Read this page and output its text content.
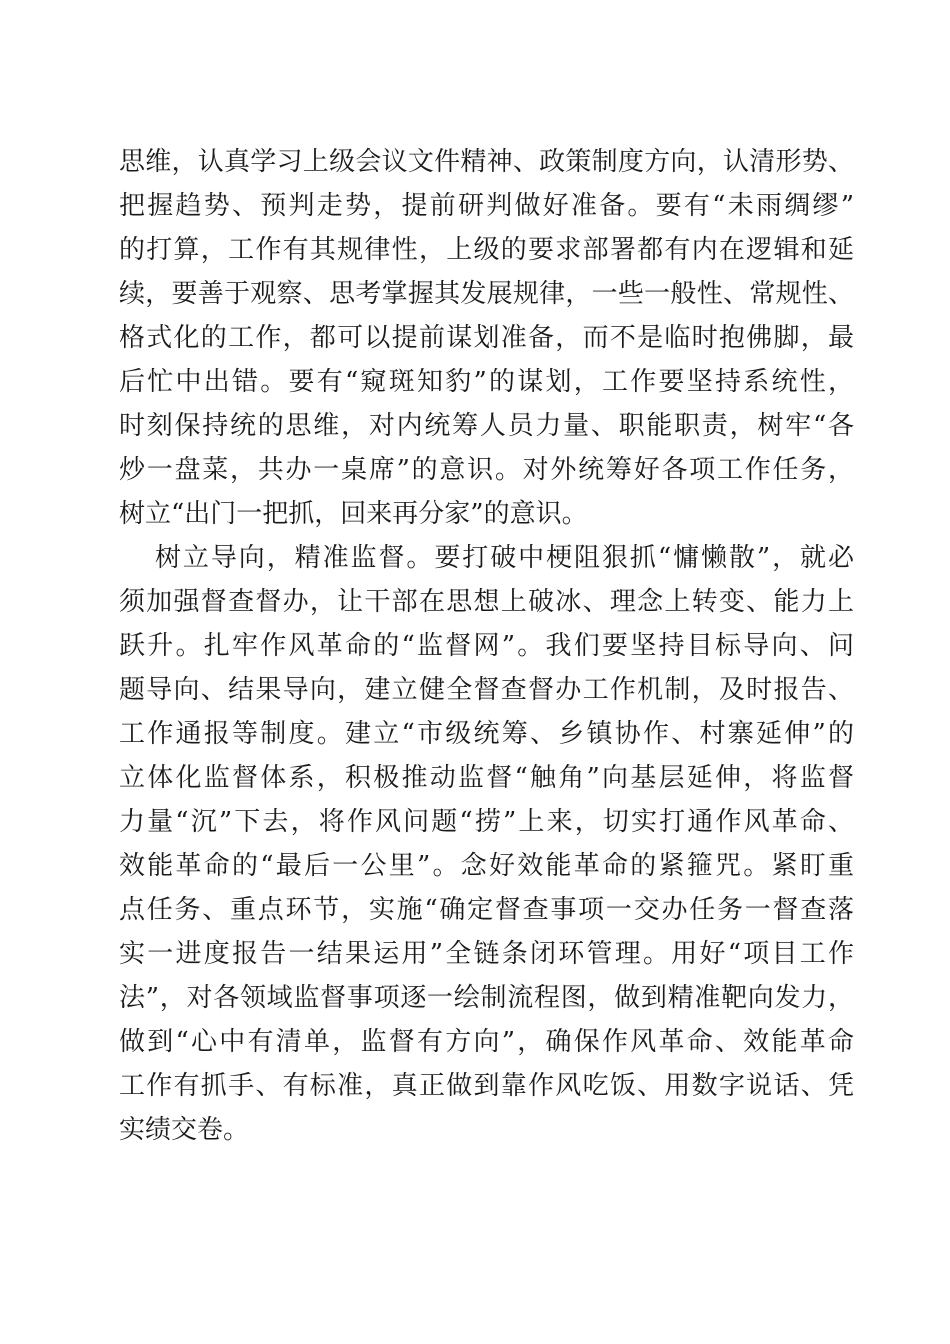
思维，认真学习上级会议文件精神、政策制度方向，认清形势、
把握趋势、预判走势，提前研判做好准备。要有“未雨绸缪”
的打算，工作有其规律性，上级的要求部署都有内在逻辑和延
续，要善于观察、思考掌握其发展规律，一些一般性、常规性、
格式化的工作，都可以提前谋划准备，而不是临时抱佛脚，最
后忙中出错。要有“窥斑知豹”的谋划，工作要坚持系统性，
时刻保持统的思维，对内统筹人员力量、职能职责，树牢“各
炒一盘菜，共办一桌席”的意识。对外统筹好各项工作任务，
树立“出门一把抓，回来再分家”的意识。
树立导向，精准监督。要打破中梗阻狠抓“慵懒散”，就必
须加强督查督办，让干部在思想上破冰、理念上转变、能力上
跃升。扎牢作风革命的“监督网”。我们要坚持目标导向、问
题导向、结果导向，建立健全督查督办工作机制，及时报告、
工作通报等制度。建立“市级统筹、乡镇协作、村寨延伸”的
立体化监督体系，积极推动监督“触角”向基层延伸，将监督
力量“沉”下去，将作风问题“捞”上来，切实打通作风革命、
效能革命的“最后一公里”。念好效能革命的紧箍咒。紧盯重
点任务、重点环节，实施“确定督查事项一交办任务一督查落
实一进度报告一结果运用”全链条闭环管理。用好“项目工作
法”，对各领域监督事项逐一绘制流程图，做到精准靶向发力，
做到“心中有清单，监督有方向”，确保作风革命、效能革命
工作有抓手、有标准，真正做到靠作风吃饭、用数字说话、凭
实绩交卷。
